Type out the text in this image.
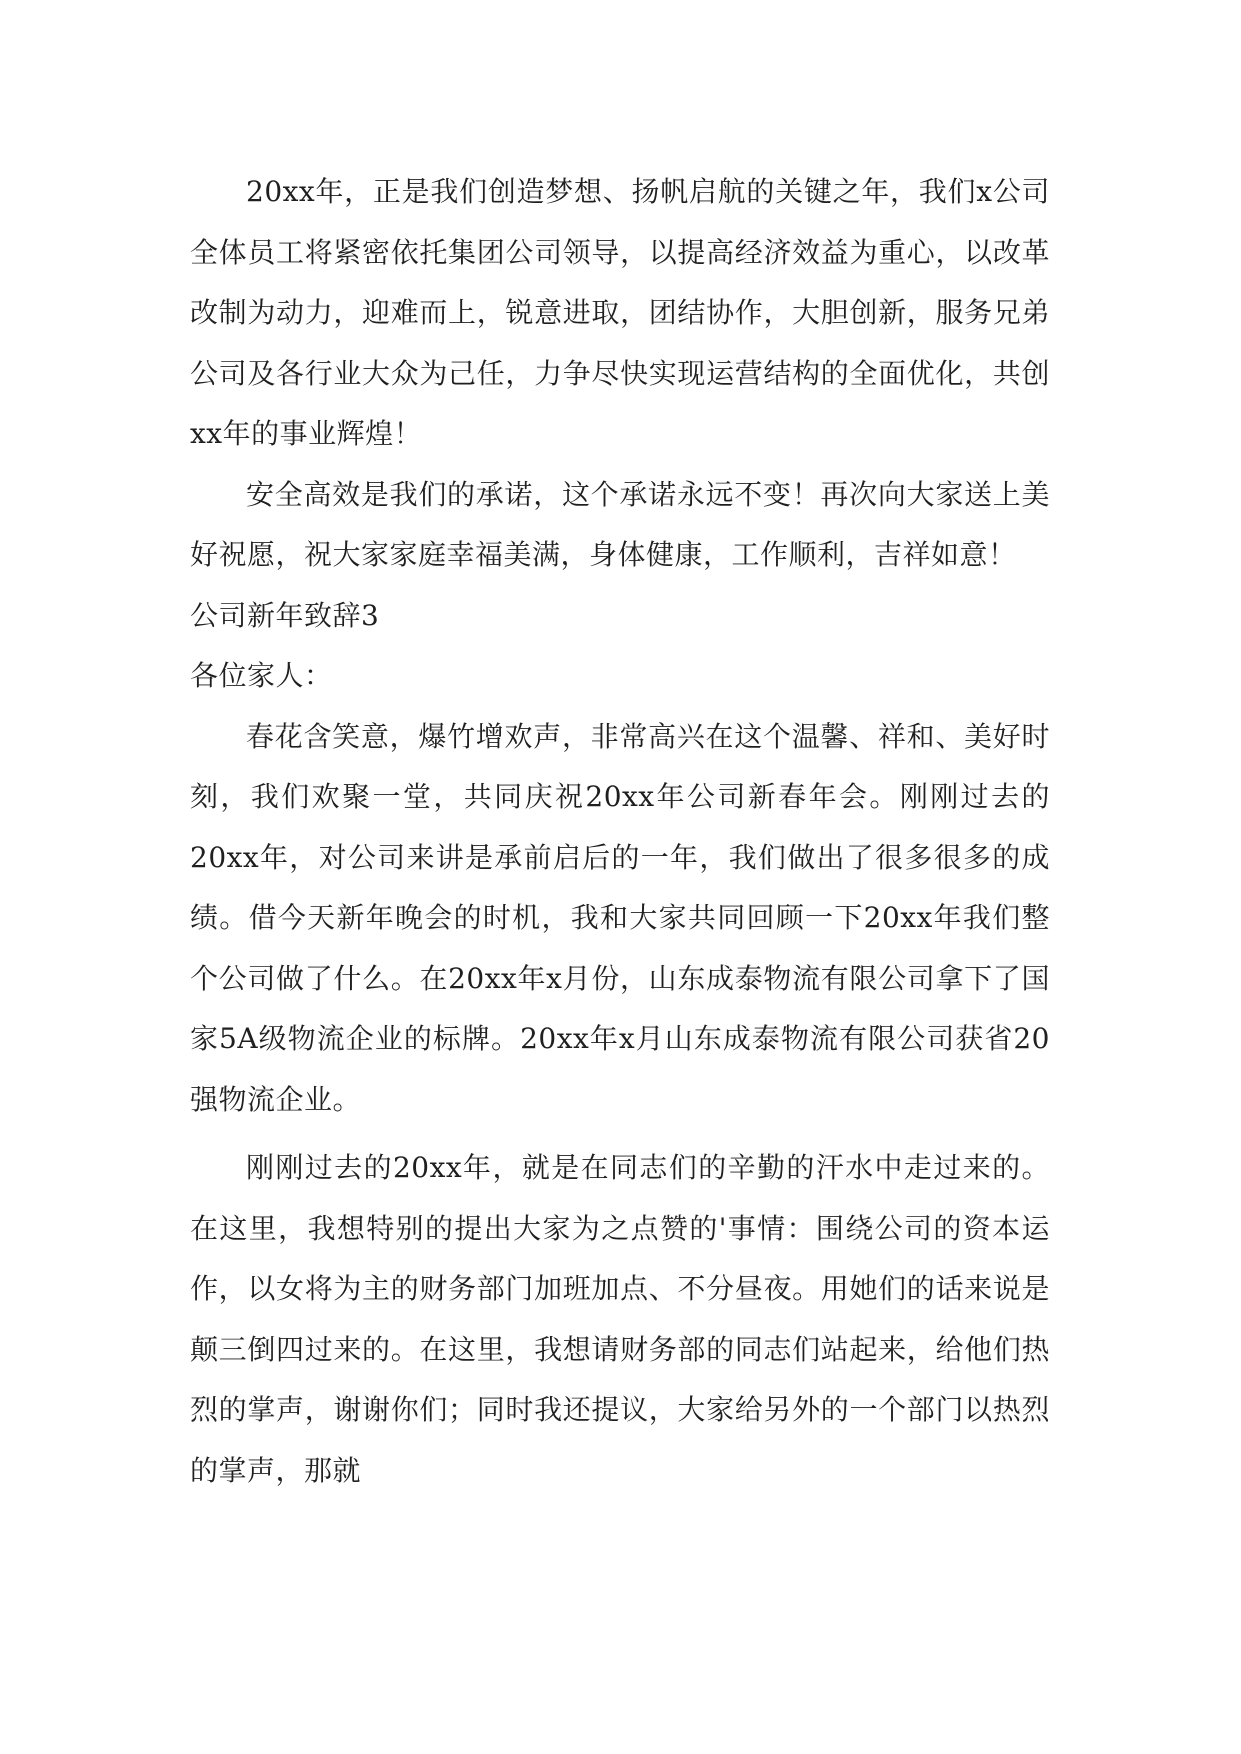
20xx年，正是我们创造梦想、扬帆启航的关键之年，我们x公司全体员工将紧密依托集团公司领导，以提高经济效益为重心，以改革改制为动力，迎难而上，锐意进取，团结协作，大胆创新，服务兄弟公司及各行业大众为己任，力争尽快实现运营结构的全面优化，共创xx年的事业辉煌！

安全高效是我们的承诺，这个承诺永远不变！再次向大家送上美好祝愿，祝大家家庭幸福美满，身体健康，工作顺利，吉祥如意！

公司新年致辞3

各位家人：

春花含笑意，爆竹增欢声，非常高兴在这个温馨、祥和、美好时刻，我们欢聚一堂，共同庆祝20xx年公司新春年会。刚刚过去的20xx年，对公司来讲是承前启后的一年，我们做出了很多很多的成绩。借今天新年晚会的时机，我和大家共同回顾一下20xx年我们整个公司做了什么。在20xx年x月份，山东成泰物流有限公司拿下了国家5A级物流企业的标牌。20xx年x月山东成泰物流有限公司获省20强物流企业。

刚刚过去的20xx年，就是在同志们的辛勤的汗水中走过来的。在这里，我想特别的提出大家为之点赞的'事情：围绕公司的资本运作，以女将为主的财务部门加班加点、不分昼夜。用她们的话来说是颠三倒四过来的。在这里，我想请财务部的同志们站起来，给他们热烈的掌声，谢谢你们；同时我还提议，大家给另外的一个部门以热烈的掌声，那就
